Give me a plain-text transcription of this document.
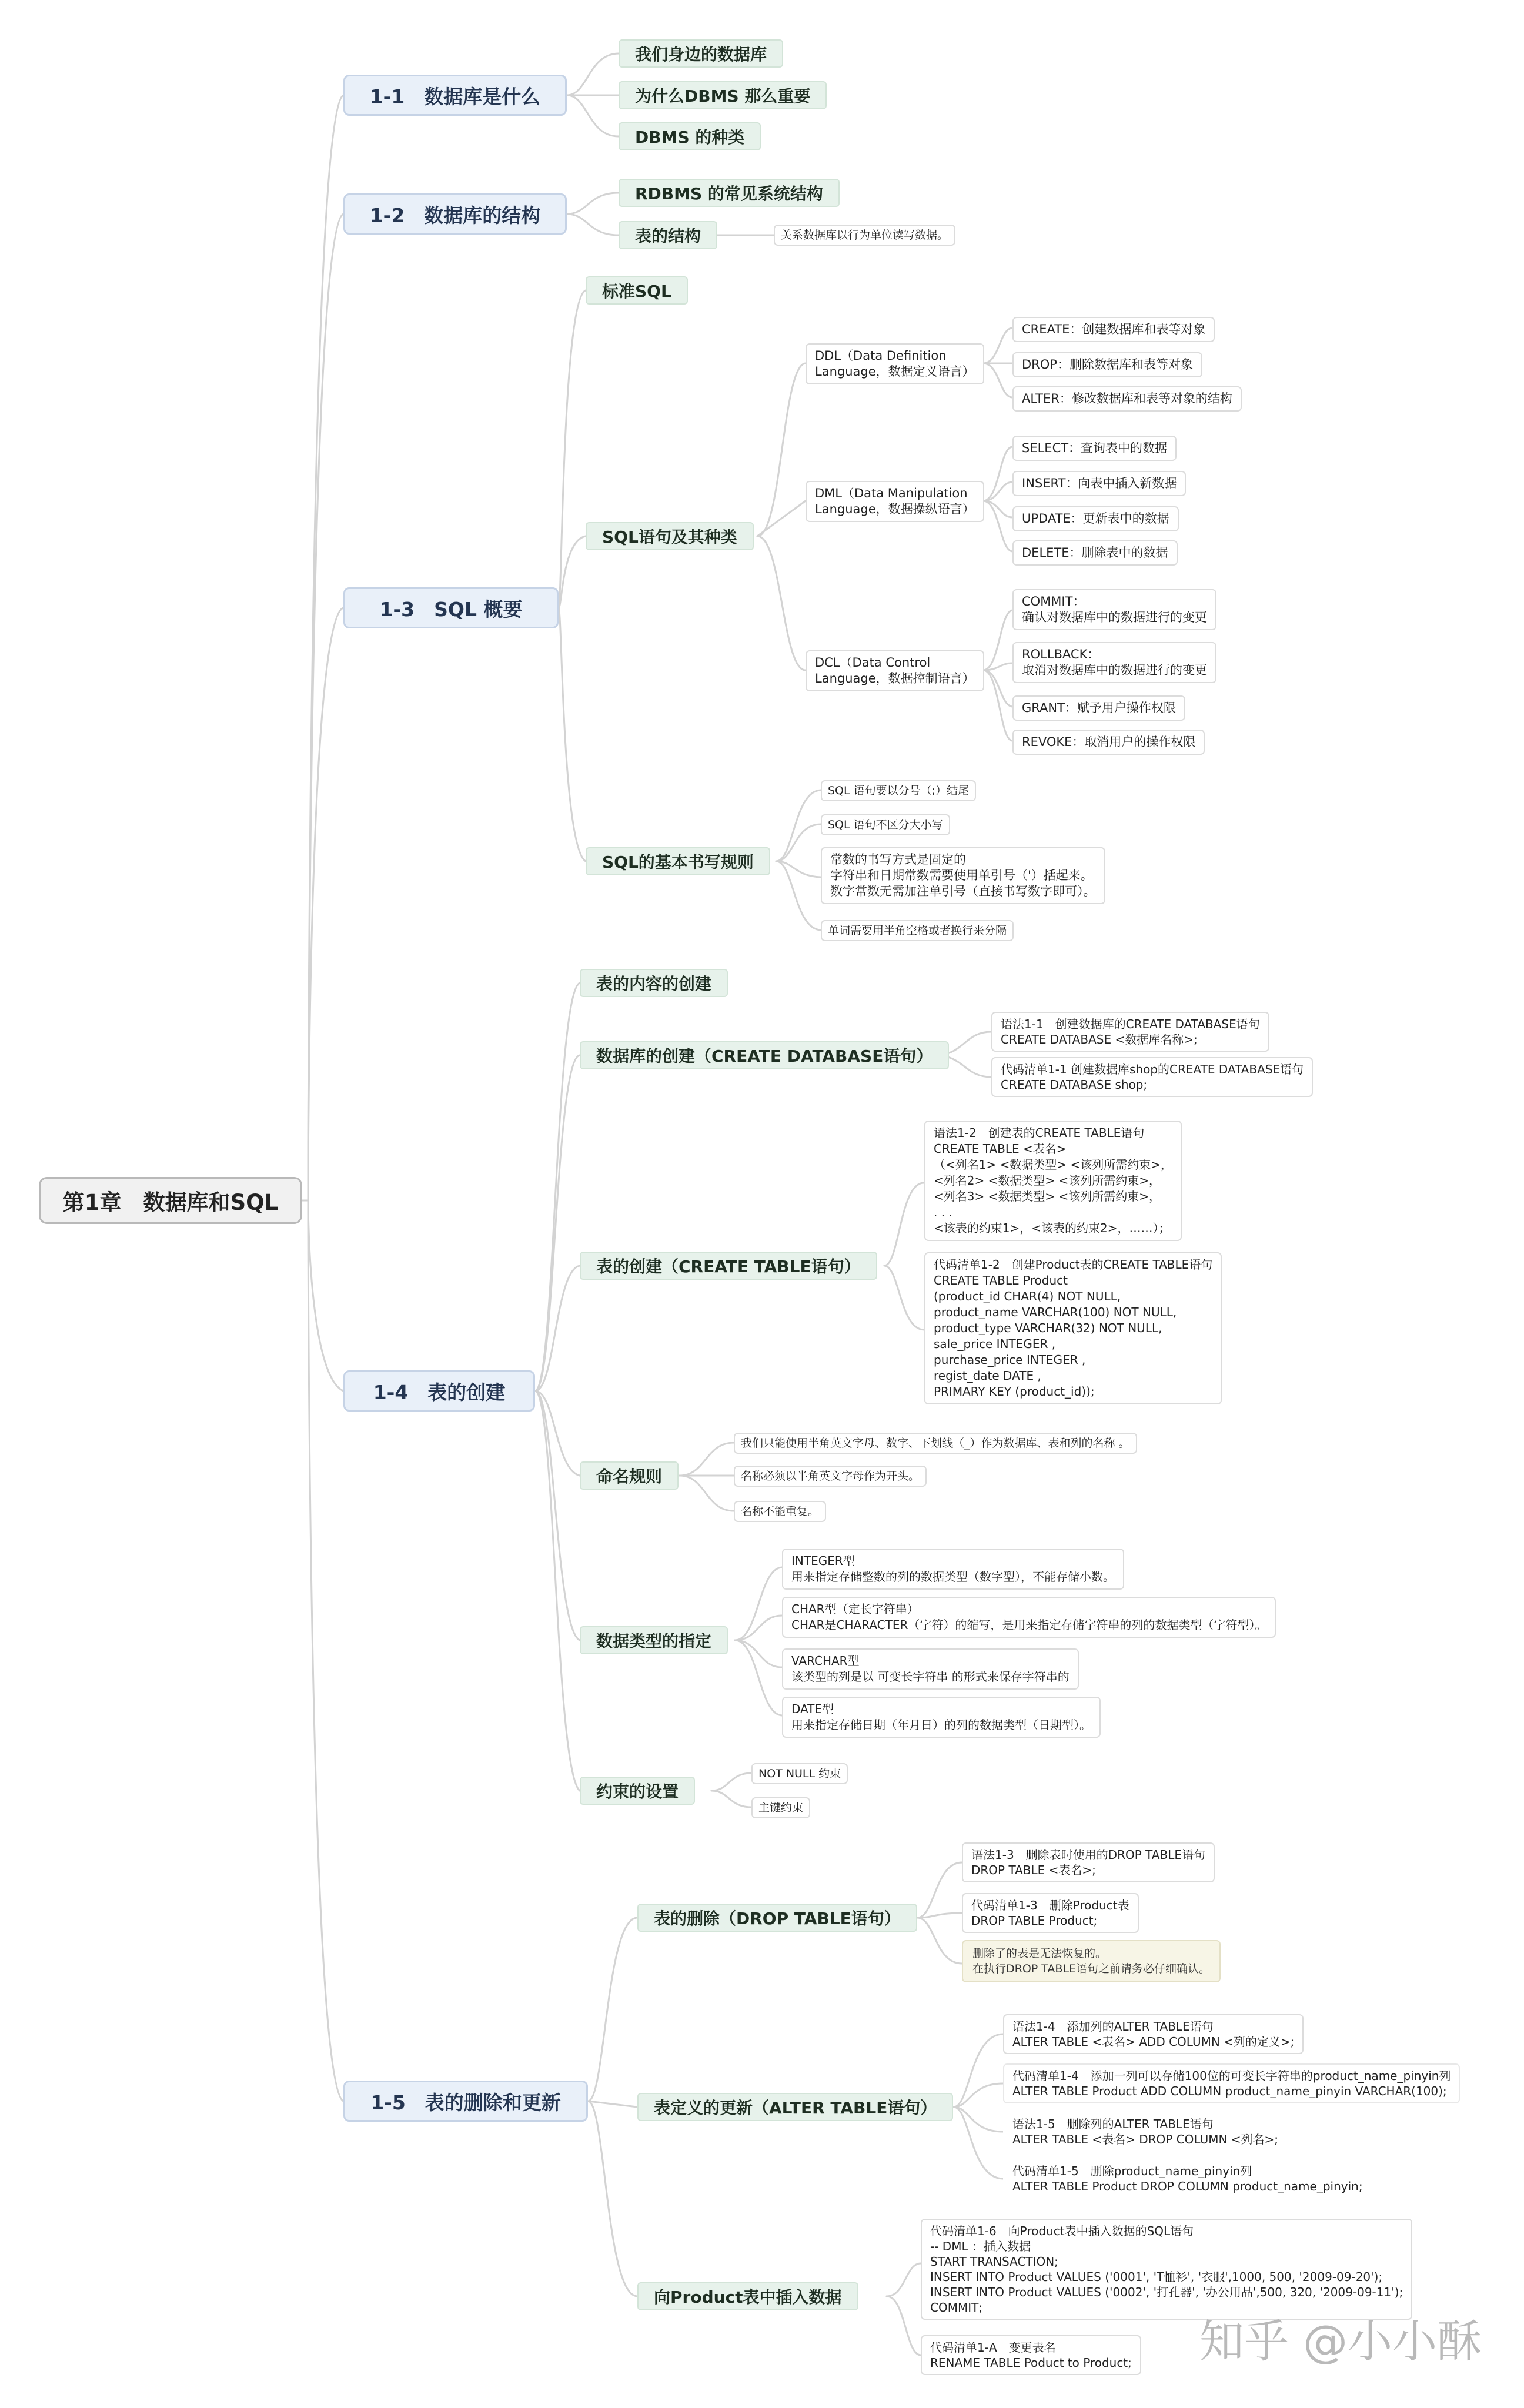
第1章　数据库和SQL
1-1　数据库是什么
我们身边的数据库
为什么DBMS 那么重要
DBMS 的种类
1-2　数据库的结构
RDBMS 的常见系统结构
表的结构	关系数据库以行为单位读写数据。
1-3　SQL 概要
标准SQL
SQL语句及其种类
DDL（Data Definition
Language，数据定义语言）
DML（Data Manipulation
Language，数据操纵语言）
DCL（Data Control
Language，数据控制语言）
CREATE：创建数据库和表等对象
DROP：删除数据库和表等对象
ALTER：修改数据库和表等对象的结构
SELECT：查询表中的数据
INSERT：向表中插入新数据
UPDATE：更新表中的数据
DELETE：删除表中的数据
COMMIT：
确认对数据库中的数据进行的变更
ROLLBACK：
取消对数据库中的数据进行的变更
GRANT：赋予用户操作权限
REVOKE：取消用户的操作权限
SQL的基本书写规则
SQL 语句要以分号（;）结尾
SQL 语句不区分大小写
常数的书写方式是固定的
字符串和日期常数需要使用单引号（'）括起来。
数字常数无需加注单引号（直接书写数字即可）。
单词需要用半角空格或者换行来分隔
1-4　表的创建
表的内容的创建
数据库的创建（CREATE DATABASE语句）
语法1-1　创建数据库的CREATE DATABASE语句
CREATE DATABASE <数据库名称>;
代码清单1-1 创建数据库shop的CREATE DATABASE语句
CREATE DATABASE shop;
表的创建（CREATE TABLE语句）
语法1-2　创建表的CREATE TABLE语句
CREATE TABLE <表名>
（<列名1> <数据类型> <该列所需约束>，
<列名2> <数据类型> <该列所需约束>，
<列名3> <数据类型> <该列所需约束>，
. . .
<该表的约束1>，<该表的约束2>，……）；
代码清单1-2　创建Product表的CREATE TABLE语句
CREATE TABLE Product
(product_id CHAR(4) NOT NULL,
product_name VARCHAR(100) NOT NULL,
product_type VARCHAR(32) NOT NULL,
sale_price INTEGER ,
purchase_price INTEGER ,
regist_date DATE ,
PRIMARY KEY (product_id));
命名规则
我们只能使用半角英文字母、数字、下划线（_）作为数据库、表和列的名称 。
名称必须以半角英文字母作为开头。
名称不能重复。
数据类型的指定
INTEGER型
用来指定存储整数的列的数据类型（数字型），不能存储小数。
CHAR型（定长字符串）
CHAR是CHARACTER（字符）的缩写，是用来指定存储字符串的列的数据类型（字符型）。
VARCHAR型
该类型的列是以 可变长字符串 的形式来保存字符串的
DATE型
用来指定存储日期（年月日）的列的数据类型（日期型）。
约束的设置
NOT NULL 约束
主键约束
1-5　表的删除和更新
表的删除（DROP TABLE语句）
语法1-3　删除表时使用的DROP TABLE语句
DROP TABLE <表名>;
代码清单1-3　删除Product表
DROP TABLE Product;
删除了的表是无法恢复的。
在执行DROP TABLE语句之前请务必仔细确认。
表定义的更新（ALTER TABLE语句）
语法1-4　添加列的ALTER TABLE语句
ALTER TABLE <表名> ADD COLUMN <列的定义>;
代码清单1-4　添加一列可以存储100位的可变长字符串的product_name_pinyin列
ALTER TABLE Product ADD COLUMN product_name_pinyin VARCHAR(100);
语法1-5　删除列的ALTER TABLE语句
ALTER TABLE <表名> DROP COLUMN <列名>;
代码清单1-5　删除product_name_pinyin列
ALTER TABLE Product DROP COLUMN product_name_pinyin;
向Product表中插入数据
代码清单1-6　向Product表中插入数据的SQL语句
-- DML ：插入数据
START TRANSACTION;
INSERT INTO Product VALUES ('0001', 'T恤衫', '衣服',1000, 500, '2009-09-20');
INSERT INTO Product VALUES ('0002', '打孔器', '办公用品',500, 320, '2009-09-11');
COMMIT;
代码清单1-A　变更表名
RENAME TABLE Poduct to Product; 知乎 @小小酥
